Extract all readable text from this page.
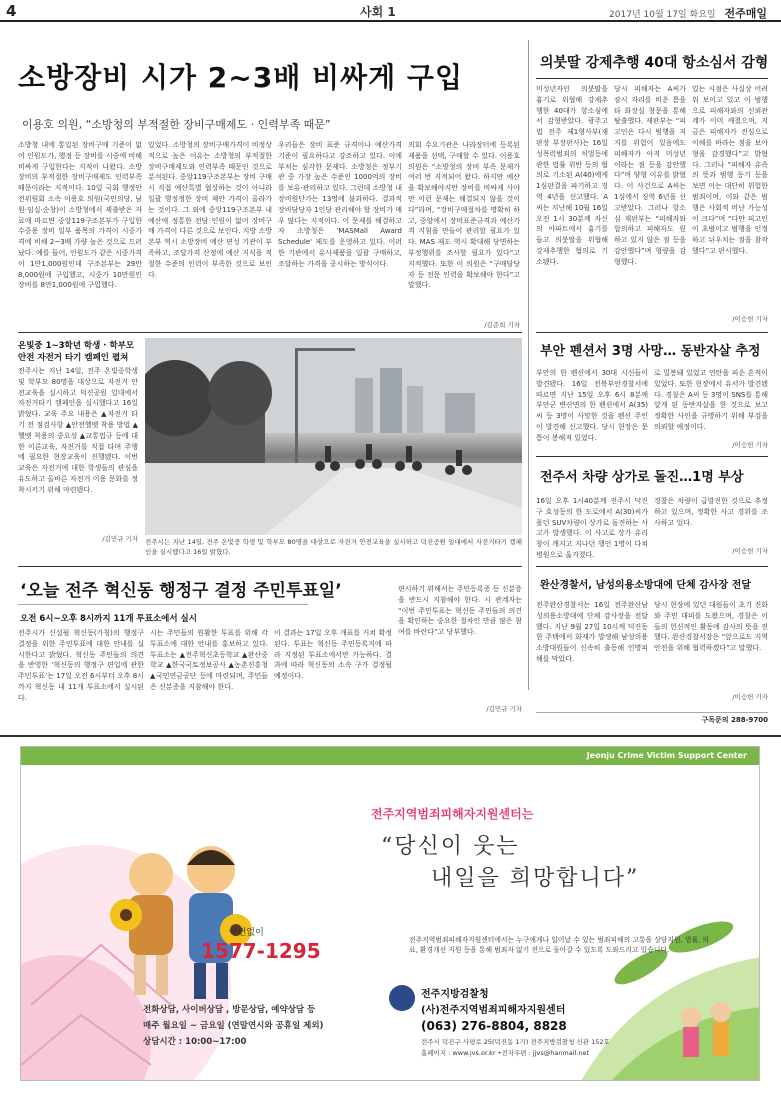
4	사회 1	2017년 10월 17일 화요일 전주매일
소방장비 시가 2~3배 비싸게 구입
이용호 의원, “소방청의 부적절한 장비구매제도 · 인력부족 때문”
소방청 내에 통일된 장비구매 기준이 없어 인원도가, 행정 등 장비를 시중에 비해 비싸게 구입한다는 지적이 나왔다. 소방장비의 부적절한 장비구매제도 인력부족 때문이라는 지적이다. 10일 국회 행정안전위원회 소속 이용호 의원(국민의당, 남원·임실·순창)이 소방청에서 제출받은 자료에 따르면 중앙119구조본부가 구입한 수중용 장비 일부 품목의 가격이 시중가격에 비해 2~3배 가량 높은 것으로 드러났다. 예를 들어, 인원도가 같은 시중가격이 1만1,000원인데 구조본부는 29만8,000원에 구입했고, 시중가 10만원인 장비를 8만1,000원에 구입했다.
있었다. 소방청의 장비구매가격이 비정상적으로 높은 이유는 소방청의 부적절한 장비구매제도와 인력부족 때문인 것으로 분석된다. 중앙119구조본부는 장비 구매 시 직접 예산특별 협상하는 것이 아니라 일괄 행정정한 장비 제안 가격이 올라가는 것이다. 그 외에 중앙119구조본부 내 예산에 정통한 전담 인원이 없어 장비구매 가격이 다른 것으로 보인다. 지방 소방본부 역시 소방장비 예산 편성 기관이 부족하고, 조달가격 산정에 예산 지식을 적절한 수준의 인력이 부족한 것으로 보인다.
우리들은 장비 표준 규격이나 예산가격 기준이 필요하다고 강조하고 있다. 이에 부처는 심각한 문제다. 소방청은 정부기관 중 가장 높은 수준인 1000억의 장비를 보유·관리하고 있다. 그런데 소방청 내 장비원단가는 13명에 불과하다. 결과적 장비담당자 1인당 관리해야 할 장비가 매우 많다는 지적이다. 이 문제를 해결하고자 소방청은 'MASMall Award Schedule' 제도를 운영하고 있다. 이러한 기관에서 유사제품을 일괄 구매하고, 조달하는 가격을 공시하는 방식이다.
의회 수요기관은 나라장터에 등록된 제품을 선택, 구매할 수 있다. 이용호 의원은 “소방청의 장비 부족 문제가 여러 번 지적되어 왔다. 하지만 예산을 확보해야지만 장비를 비싸게 사야만 이런 문제는 해결되지 않을 것이다”라며, “장비구매절차를 명확히 하고, 중앙에서 장비표준규격과 예산가격 지침을 만들어 관리할 필요가 있다. MAS 제도 역시 확대해 당면하는 부정행위를 조사할 필요가 있다”고 지적했다. 또한 이 의원은 “구매담당자 등 전문 인력을 확보해야 한다”고 말했다.
/김준희 기자
의붓딸 강제추행 40대 항소심서 감형
미성년자인 의붓딸을 흉기로 위협해 강제추행한 40대가 항소심에서 감형받았다. 광주고법 전주 제1형사부(재판장 부장판사)는 16일 성폭력범죄의 처벌등에 관한 법률 위반 등의 혐의로 기소된 A(40)에게 1심판결을 파기하고 징역 4년을 선고했다. A씨는 지난해 10월 16일 오전 1시 30분께 자신의 아파트에서 흉기를 들고 의붓딸을 위협해 강제추행한 혐의로 기소됐다.
당시 피해자는 A씨가 잠시 자리를 비운 틈을 타 화장실 창문을 통해 탈출했다. 재판부는 “피고인은 다시 범행을 저지를 위험이 있음에도 피해자가 아직 미성년이라는 점 등을 감안했다”며 양형 이유를 밝혔다. 이 사건으로 A씨는 1심에서 징역 6년을 선고받았다. 그러나 항소심 재판부는 “피해자와 합의하고 피해자도 원하고 있지 않은 점 등을 감안했다”며 형량을 감형했다.
있는 시점은 사실상 어려워 보이고 있고 이 범행으로 피해자와의 신뢰관계가 이미 깨졌으며, 지금은 피해자가 진심으로 이해를 바라는 점을 보아 형을 감경했다”고 밝혔다. 그러나 “피해자 유족의 뜻과 범행 동기 등을 보면 이는 대단히 위험한 범죄이며, 이와 같은 범행은 사회적 비난 가능성이 크다”며 “다만 피고인이 초범이고 범행을 인정하고 뉘우치는 점을 참작했다”고 판시했다.
/이승헌 기자
온빛중 1~3학년 학생 · 학부모 안전 자전거 타기 캠페인 펼쳐
전주시는 지난 14일, 전주 온빛중학생 및 학부모 80명을 대상으로 자전거 안전교육을 실시하고 덕진공원 일대에서 자전거타기 캠페인을 실시했다고 16일 밝혔다. 교육 주요 내용은 ▲자전거 타기 전 점검사항 ▲안전헬멧 착용 방법 ▲헬멧 착용의 중요성 ▲교통법규 등에 대한 이론교육, 자전거를 직접 타며 주행에 필요한 현장교육이 진행됐다. 이번 교육은 자전거에 대한 학생들의 관심을 유도하고 올바른 자전거 이용 문화를 정착시키기 위해 마련됐다.
/김민규 기자 전주시는 지난 14일, 전주 온빛중 학생 및 학부모 80명을 대상으로 자전거 안전교육을 실시하고 덕진공원 일대에서 자전거타기 캠페인을 실시했다고 16일 밝혔다.
부안 펜션서 3명 사망… 동반자살 추정
부안의 한 펜션에서 30대 시신들이 발견됐다. 16일 전북부안경찰서에 따르면 지난 15일 오후 6시 8분께 부안군 변산면의 한 펜션에서 A(35)씨 등 3명이 사망한 것을 펜션 주인이 발견해 신고했다. 당시 현장은 문틈이 봉해져 있었다.
로 밀봉돼 있었고 연탄을 피운 흔적이 있었다. 또한 현장에서 유서가 발견됐다. 경찰은 A씨 등 3명이 SNS를 통해 알게 된 동반자살을 한 것으로 보고 정확한 사인을 규명하기 위해 부검을 의뢰할 예정이다.
/이승헌 기자
전주서 차량 상가로 돌진…1명 부상
16일 오후 1시40분께 전주시 덕진구 호성동의 한 도로에서 A(30)씨가 몰던 SUV차량이 상가로 돌진하는 사고가 발생했다. 이 사고로 상가 유리창이 깨지고 지나던 행인 1명이 다쳐 병원으로 옮겨졌다.
경찰은 차량이 급발진한 것으로 추정하고 있으며, 정확한 사고 경위를 조사하고 있다.
/이승헌 기자
‘오늘 전주 혁신동 행정구 결정 주민투표일’
오전 6시~오후 8시까지 11개 투표소에서 실시
전주시가 신설될 혁신동(가칭)의 행정구 결정을 위한 주민투표에 대한 안내를 실시한다고 밝혔다. 혁신동 주민들의 의견을 반영한 ‘혁신동의 행정구 편입에 관한 주민투표’는 17일 오전 6시부터 오후 8시까지 혁신동 내 11개 투표소에서 실시된다.
시는 주민들의 원활한 투표를 위해 각 투표소에 대한 안내를 홍보하고 있다. 투표소는 ▲전주혁신초등학교 ▲완산중학교 ▲한국국토정보공사 ▲농촌진흥청 ▲국민연금공단 등에 마련되며, 주민들은 신분증을 지참해야 한다.
이 결과는 17일 오후 개표를 거쳐 확정된다. 투표는 혁신동 주민등록지에 따라 지정된 투표소에서만 가능하다. 결과에 따라 혁신동의 소속 구가 결정될 예정이다.
편시하기 위해서는 주민등록증 등 신분증을 반드시 지참해야 한다. 시 관계자는 “이번 주민투표는 혁신동 주민들의 의견을 확인하는 중요한 절차인 만큼 많은 참여를 바란다”고 당부했다.
/김민규 기자
완산경찰서, 남성의용소방대에 단체 감사장 전달
전주완산경찰서는 16일 전주완산남성의용소방대에 단체 감사장을 전달했다. 지난 9월 27일 10시께 덕진동 한 주택에서 화재가 발생해 남성의용소방대원들이 신속히 출동해 인명피해를 막았다.
당시 현장에 있던 대원들이 초기 진화와 주민 대피를 도왔으며, 경찰은 이들의 헌신적인 활동에 감사의 뜻을 전했다. 완산경찰서장은 “앞으로도 지역 안전을 위해 협력하겠다”고 말했다.
/이승헌 기자
구독문의 288-9700
Jeonju Crime Victim Support Center
전주지역범죄피해자지원센터는
“당신이 웃는
내일을 희망합니다”
국번없이
1577-1295	전주지역범죄피해자지원센터에서는 누구에게나 일어날 수 있는 범죄피해의 고통을 상담지원, 법률, 의료, 환경개선 지원 등을 통해 범죄자 없기 전으로 돌아갈 수 있도록 도와드리고 있습니다.
전화상담, 사이버상담 , 방문상담, 예약상담 등
매주 월요일 ~ 금요일 (연말연시와 공휴일 제외)
상담시간 : 10:00~17:00
전주지방검찰청
(사)전주지역범죄피해자지원센터
(063) 276-8804, 8828
전주시 덕진구 사평로 25(덕진동 1가) 전주지방검찰청 신관 152호
홈페이지 : www.jvs.or.kr •전자우편 : jjvs@hanmail.net
